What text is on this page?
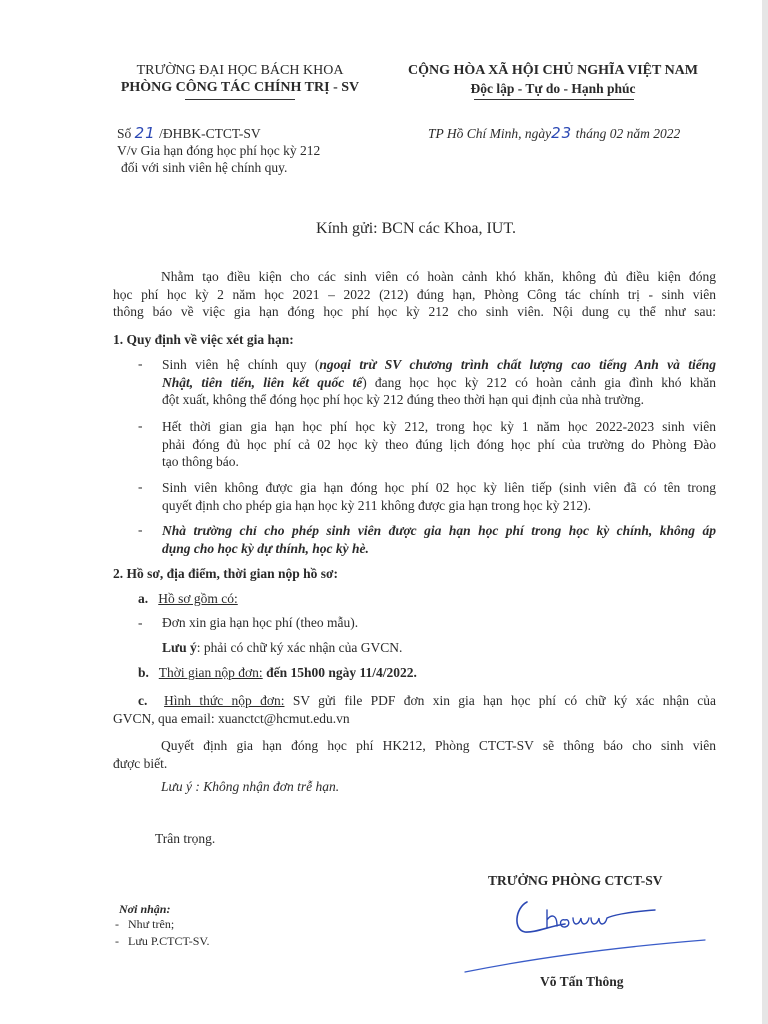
TRƯỜNG ĐẠI HỌC BÁCH KHOA
PHÒNG CÔNG TÁC CHÍNH TRỊ - SV
CỘNG HÒA XÃ HỘI CHỦ NGHĨA VIỆT NAM
Độc lập - Tự do - Hạnh phúc
Số 21 /ĐHBK-CTCT-SV
V/v Gia hạn đóng học phí học kỳ 212
đối với sinh viên hệ chính quy.
TP Hồ Chí Minh, ngày23 tháng 02 năm 2022
Kính gửi: BCN các Khoa, IUT.
Nhằm tạo điều kiện cho các sinh viên có hoàn cảnh khó khăn, không đủ điều kiện đóng
học phí học kỳ 2 năm học 2021 – 2022 (212) đúng hạn, Phòng Công tác chính trị - sinh viên
thông báo về việc gia hạn đóng học phí học kỳ 212 cho sinh viên. Nội dung cụ thể như sau:
1. Quy định về việc xét gia hạn:
- Sinh viên hệ chính quy (ngoại trừ SV chương trình chất lượng cao tiếng Anh và tiếng
Nhật, tiên tiến, liên kết quốc tế) đang học học kỳ 212 có hoàn cảnh gia đình khó khăn
đột xuất, không thể đóng học phí học kỳ 212 đúng theo thời hạn qui định của nhà trường.
- Hết thời gian gia hạn học phí học kỳ 212, trong học kỳ 1 năm học 2022-2023 sinh viên
phải đóng đủ học phí cả 02 học kỳ theo đúng lịch đóng học phí của trường do Phòng Đào
tạo thông báo.
- Sinh viên không được gia hạn đóng học phí 02 học kỳ liên tiếp (sinh viên đã có tên trong
quyết định cho phép gia hạn học kỳ 211 không được gia hạn trong học kỳ 212).
- Nhà trường chỉ cho phép sinh viên được gia hạn học phí trong học kỳ chính, không áp
dụng cho học kỳ dự thính, học kỳ hè.
2. Hồ sơ, địa điểm, thời gian nộp hồ sơ:
a. Hồ sơ gồm có:
- Đơn xin gia hạn học phí (theo mẫu).
Lưu ý: phải có chữ ký xác nhận của GVCN.
b. Thời gian nộp đơn: đến 15h00 ngày 11/4/2022.
c. Hình thức nộp đơn: SV gửi file PDF đơn xin gia hạn học phí có chữ ký xác nhận của
GVCN, qua email: xuanctct@hcmut.edu.vn
Quyết định gia hạn đóng học phí HK212, Phòng CTCT-SV sẽ thông báo cho sinh viên
được biết.
Lưu ý : Không nhận đơn trễ hạn.
Trân trọng.
TRƯỞNG PHÒNG CTCT-SV
Võ Tấn Thông
Nơi nhận:
-   Như trên;
-   Lưu P.CTCT-SV.
